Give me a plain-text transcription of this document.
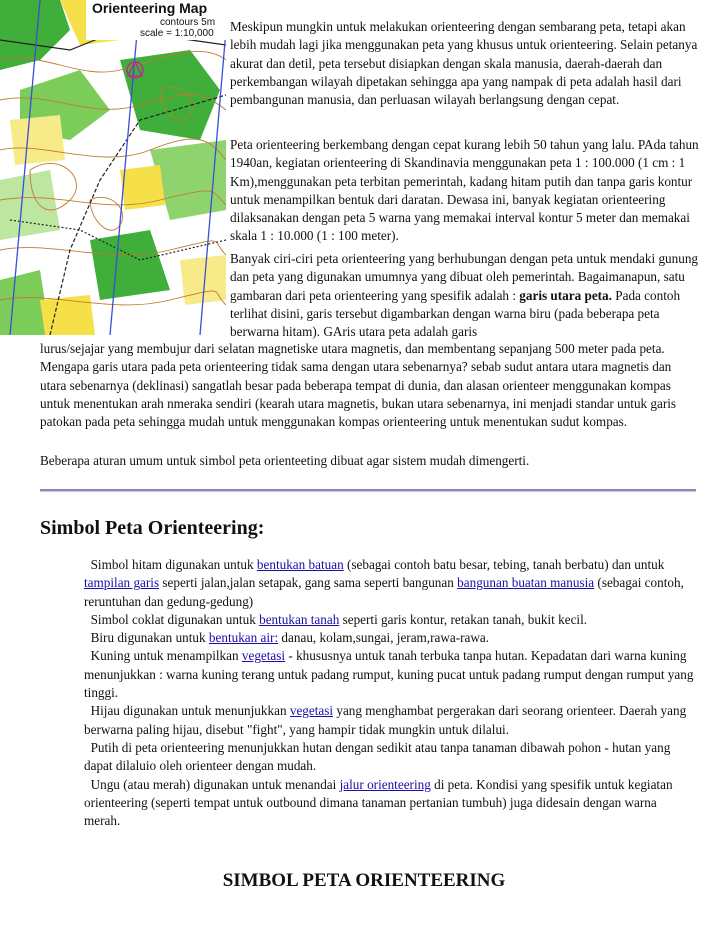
Orienteering Map
contours 5m
scale = 1:10,000 Meskipun mungkin untuk melakukan orienteering dengan sembarang peta, tetapi akan lebih mudah lagi jika menggunakan peta yang khusus untuk orienteering. Selain petanya akurat dan detil, peta tersebut disiapkan dengan skala manusia, daerah-daerah dan perkembangan wilayah dipetakan sehingga apa yang nampak di peta adalah hasil dari pembangunan manusia, dan perluasan wilayah berlangsung dengan cepat.

Peta orienteering berkembang dengan cepat kurang lebih 50 tahun yang lalu. PAda tahun 1940an, kegiatan orienteering di Skandinavia menggunakan peta 1 : 100.000 (1 cm : 1 Km),menggunakan peta terbitan pemerintah, kadang hitam putih dan tanpa garis kontur untuk menampilkan bentuk dari daratan. Dewasa ini, banyak kegiatan orienteering dilaksanakan dengan peta 5 warna yang memakai interval kontur 5 meter dan memakai skala 1 : 10.000 (1 : 100 meter).

Banyak ciri-ciri peta orienteering yang berhubungan dengan peta untuk mendaki gunung dan peta yang digunakan umumnya yang dibuat oleh pemerintah. Bagaimanapun, satu gambaran dari peta orienteering yang spesifik adalah : garis utara peta. Pada contoh terlihat disini, garis tersebut digambarkan dengan warna biru (pada beberapa peta berwarna hitam). GAris utara peta adalah garis

lurus/sejajar yang membujur dari selatan magnetiske utara magnetis, dan membentang sepanjang 500 meter pada peta. Mengapa garis utara pada peta orienteering tidak sama dengan utara sebenarnya? sebab sudut antara utara magnetis dan utara sebenarnya (deklinasi) sangatlah besar pada beberapa tempat di dunia, dan alasan orienteer menggunakan kompas untuk menentukan arah nmeraka sendiri (kearah utara magnetis, bukan utara sebenarnya, ini menjadi standar untuk garis patokan pada peta sehingga mudah untuk menggunakan kompas orienteering untuk menentukan sudut kompas.

Beberapa aturan umum untuk simbol peta orienteeting dibuat agar sistem mudah dimengerti.

Simbol Peta Orienteering:

Simbol hitam digunakan untuk bentukan batuan (sebagai contoh batu besar, tebing, tanah berbatu) dan untuk tampilan garis seperti jalan,jalan setapak, gang sama seperti bangunan bangunan buatan manusia (sebagai contoh, reruntuhan dan gedung-gedung)

Simbol coklat digunakan untuk bentukan tanah seperti garis kontur, retakan tanah, bukit kecil.

Biru digunakan untuk bentukan air: danau, kolam,sungai, jeram,rawa-rawa.

Kuning untuk menampilkan vegetasi - khususnya untuk tanah terbuka tanpa hutan. Kepadatan dari warna kuning menunjukkan : warna kuning terang untuk padang rumput, kuning pucat untuk padang rumput dengan rumput yang tinggi.

Hijau digunakan untuk menunjukkan vegetasi yang menghambat pergerakan dari seorang orienteer. Daerah yang berwarna paling hijau, disebut "fight", yang hampir tidak mungkin untuk dilalui.

Putih di peta orienteering menunjukkan hutan dengan sedikit atau tanpa tanaman dibawah pohon - hutan yang dapat dilaluio oleh orienteer dengan mudah.

Ungu (atau merah) digunakan untuk menandai jalur orienteering di peta. Kondisi yang spesifik untuk kegiatan orienteering (seperti tempat untuk outbound dimana tanaman pertanian tumbuh) juga didesain dengan warna merah.

SIMBOL PETA ORIENTEERING
